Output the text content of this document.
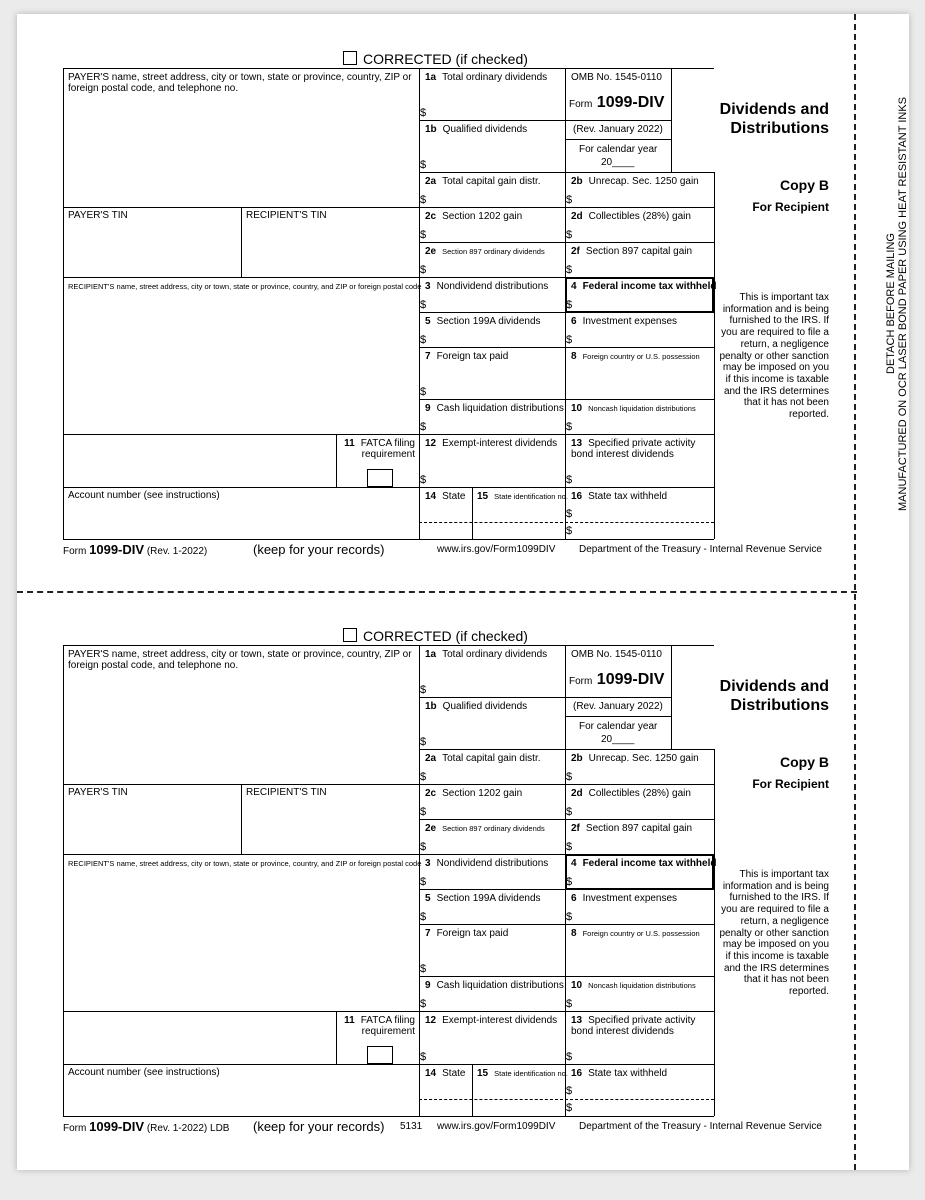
CORRECTED (if checked)
PAYER'S name, street address, city or town, state or province, country, ZIP or foreign postal code, and telephone no.
PAYER'S TIN	RECIPIENT'S TIN
RECIPIENT'S name, street address, city or town, state or province, country, and ZIP or foreign postal code
Account number (see instructions)
11 FATCA filing requirement
OMB No. 1545-0110
Form 1099-DIV
(Rev. January 2022)
For calendar year
20____
Dividends and
Distributions
Copy B
For Recipient
This is important tax information and is being furnished to the IRS. If you are required to file a return, a negligence penalty or other sanction may be imposed on you if this income is taxable and the IRS determines that it has not been reported.
1a Total ordinary dividends
$
1b Qualified dividends
$
2a Total capital gain distr.
$
2b Unrecap. Sec. 1250 gain
$
2c Section 1202 gain
$
2d Collectibles (28%) gain
$
2e Section 897 ordinary dividends
$
2f Section 897 capital gain
$
3 Nondividend distributions
$
4 Federal income tax withheld
$
5 Section 199A dividends
$
6 Investment expenses
$
7 Foreign tax paid
$
8 Foreign country or U.S. possession
9 Cash liquidation distributions
$
10 Noncash liquidation distributions
$
12 Exempt-interest dividends
$
13 Specified private activity bond interest dividends
$
14 State 15 State identification no. 16 State tax withheld
$
$
Form 1099-DIV (Rev. 1-2022)	(keep for your records)	www.irs.gov/Form1099DIV Department of the Treasury - Internal Revenue Service
CORRECTED (if checked)
PAYER'S name, street address, city or town, state or province, country, ZIP or foreign postal code, and telephone no.
PAYER'S TIN	RECIPIENT'S TIN
RECIPIENT'S name, street address, city or town, state or province, country, and ZIP or foreign postal code
Account number (see instructions)
11 FATCA filing requirement
OMB No. 1545-0110
Form 1099-DIV
(Rev. January 2022)
For calendar year
20____
Dividends and
Distributions
Copy B
For Recipient
This is important tax information and is being furnished to the IRS. If you are required to file a return, a negligence penalty or other sanction may be imposed on you if this income is taxable and the IRS determines that it has not been reported.
1a Total ordinary dividends
$
1b Qualified dividends
$
2a Total capital gain distr.
$
2b Unrecap. Sec. 1250 gain
$
2c Section 1202 gain
$
2d Collectibles (28%) gain
$
2e Section 897 ordinary dividends
$
2f Section 897 capital gain
$
3 Nondividend distributions
$
4 Federal income tax withheld
$
5 Section 199A dividends
$
6 Investment expenses
$
7 Foreign tax paid
$
8 Foreign country or U.S. possession
9 Cash liquidation distributions
$
10 Noncash liquidation distributions
$
12 Exempt-interest dividends
$
13 Specified private activity bond interest dividends
$
14 State 15 State identification no. 16 State tax withheld
$
$
Form 1099-DIV (Rev. 1-2022) LDB (keep for your records) 5131 www.irs.gov/Form1099DIV Department of the Treasury - Internal Revenue Service
DETACH BEFORE MAILING MANUFACTURED ON OCR LASER BOND PAPER USING HEAT RESISTANT INKS
